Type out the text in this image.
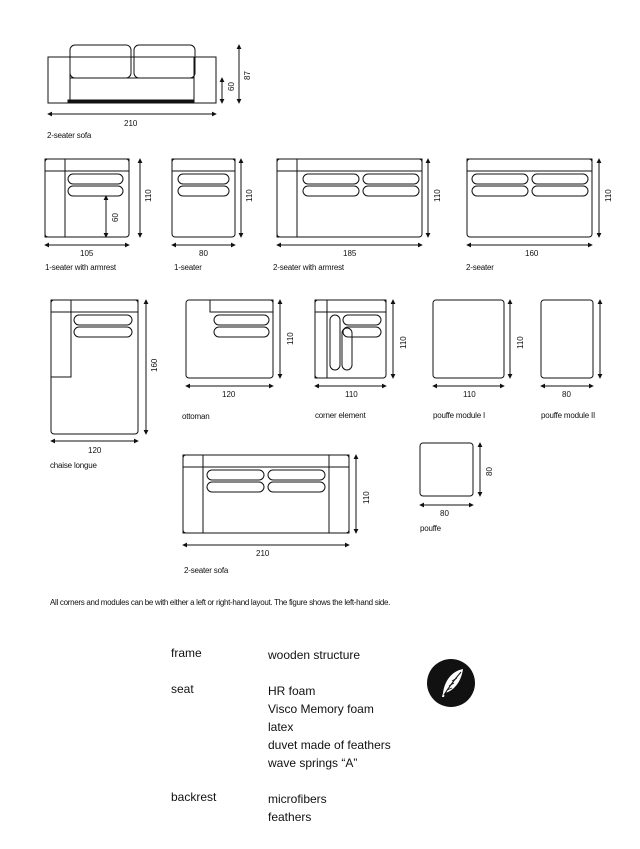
210
60
87
105
110
60
80
110
185
110
160
110
120
160
120
110
110
110
110
110
80
210
110
80
80
2-seater sofa
1-seater with armrest	1-seater	2-seater with armrest	2-seater
chaise longue
ottoman	corner element	pouffe module I	pouffe module II
2-seater sofa
pouffe
All corners and modules can be with either a left or right-hand layout. The figure shows the left-hand side.
frame	wooden structure
seat	HR foam
Visco Memory foam
latex
duvet made of feathers
wave springs “A”
backrest	microfibers
feathers
